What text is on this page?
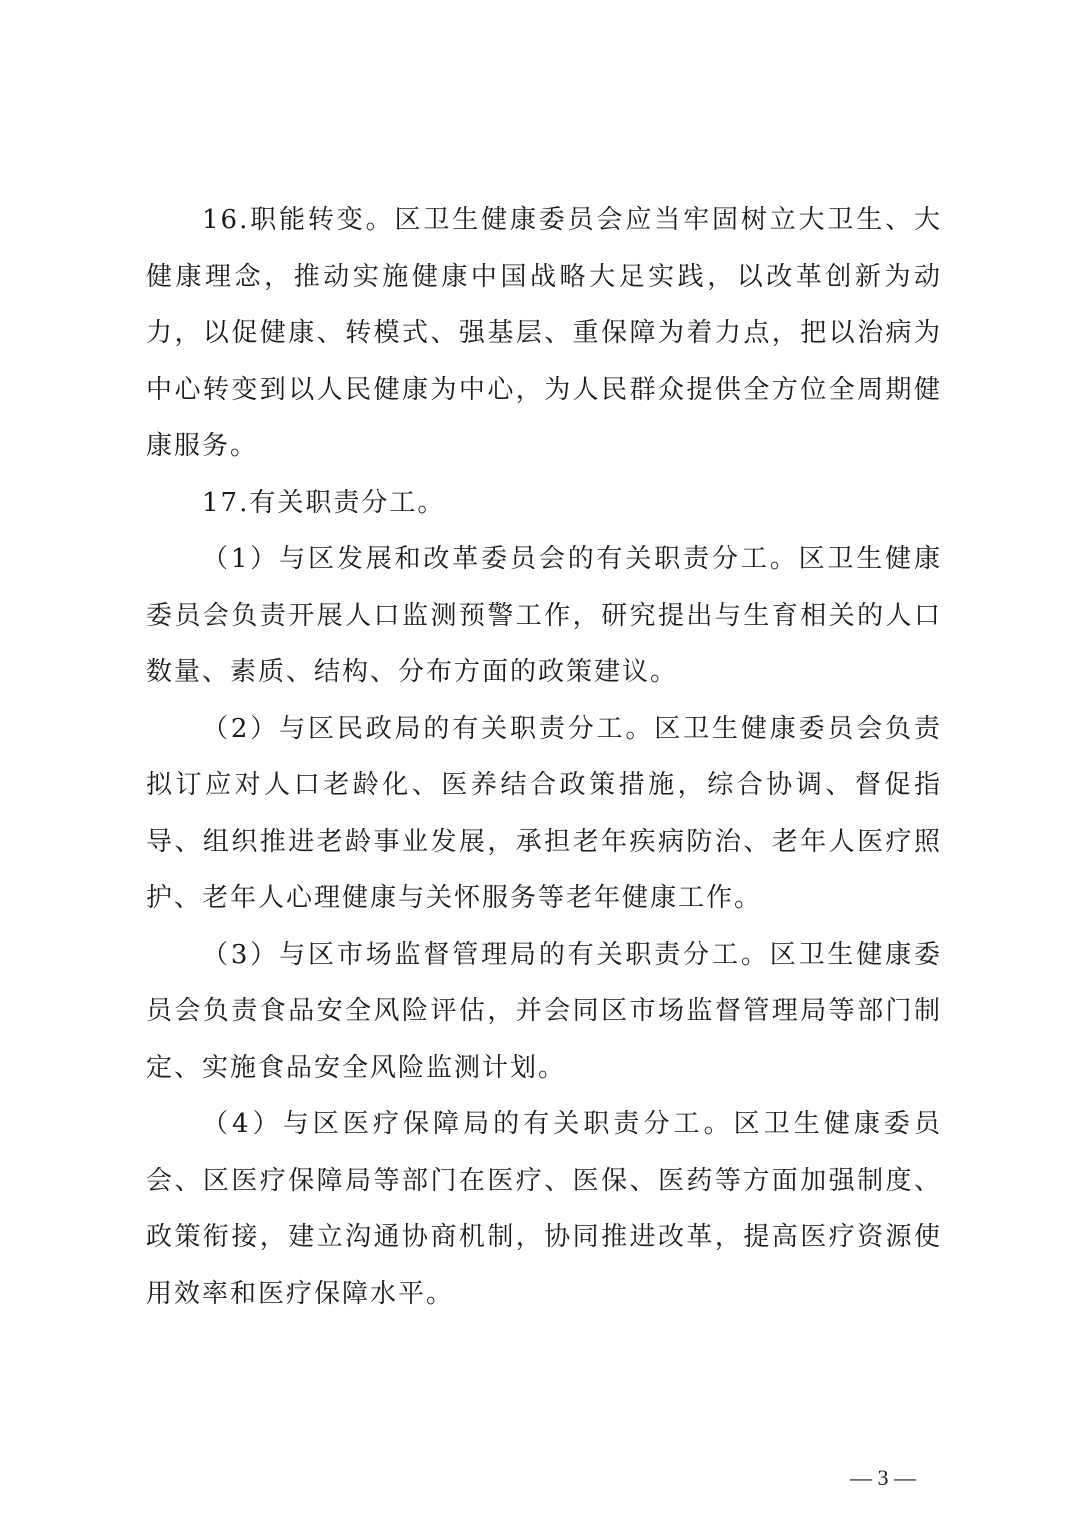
16.职能转变。区卫生健康委员会应当牢固树立大卫生、大健康理念，推动实施健康中国战略大足实践，以改革创新为动力，以促健康、转模式、强基层、重保障为着力点，把以治病为中心转变到以人民健康为中心，为人民群众提供全方位全周期健康服务。

17.有关职责分工。

（1）与区发展和改革委员会的有关职责分工。区卫生健康委员会负责开展人口监测预警工作，研究提出与生育相关的人口数量、素质、结构、分布方面的政策建议。

（2）与区民政局的有关职责分工。区卫生健康委员会负责拟订应对人口老龄化、医养结合政策措施，综合协调、督促指导、组织推进老龄事业发展，承担老年疾病防治、老年人医疗照护、老年人心理健康与关怀服务等老年健康工作。

（3）与区市场监督管理局的有关职责分工。区卫生健康委员会负责食品安全风险评估，并会同区市场监督管理局等部门制定、实施食品安全风险监测计划。

（4）与区医疗保障局的有关职责分工。区卫生健康委员会、区医疗保障局等部门在医疗、医保、医药等方面加强制度、政策衔接，建立沟通协商机制，协同推进改革，提高医疗资源使用效率和医疗保障水平。

— 3 —
